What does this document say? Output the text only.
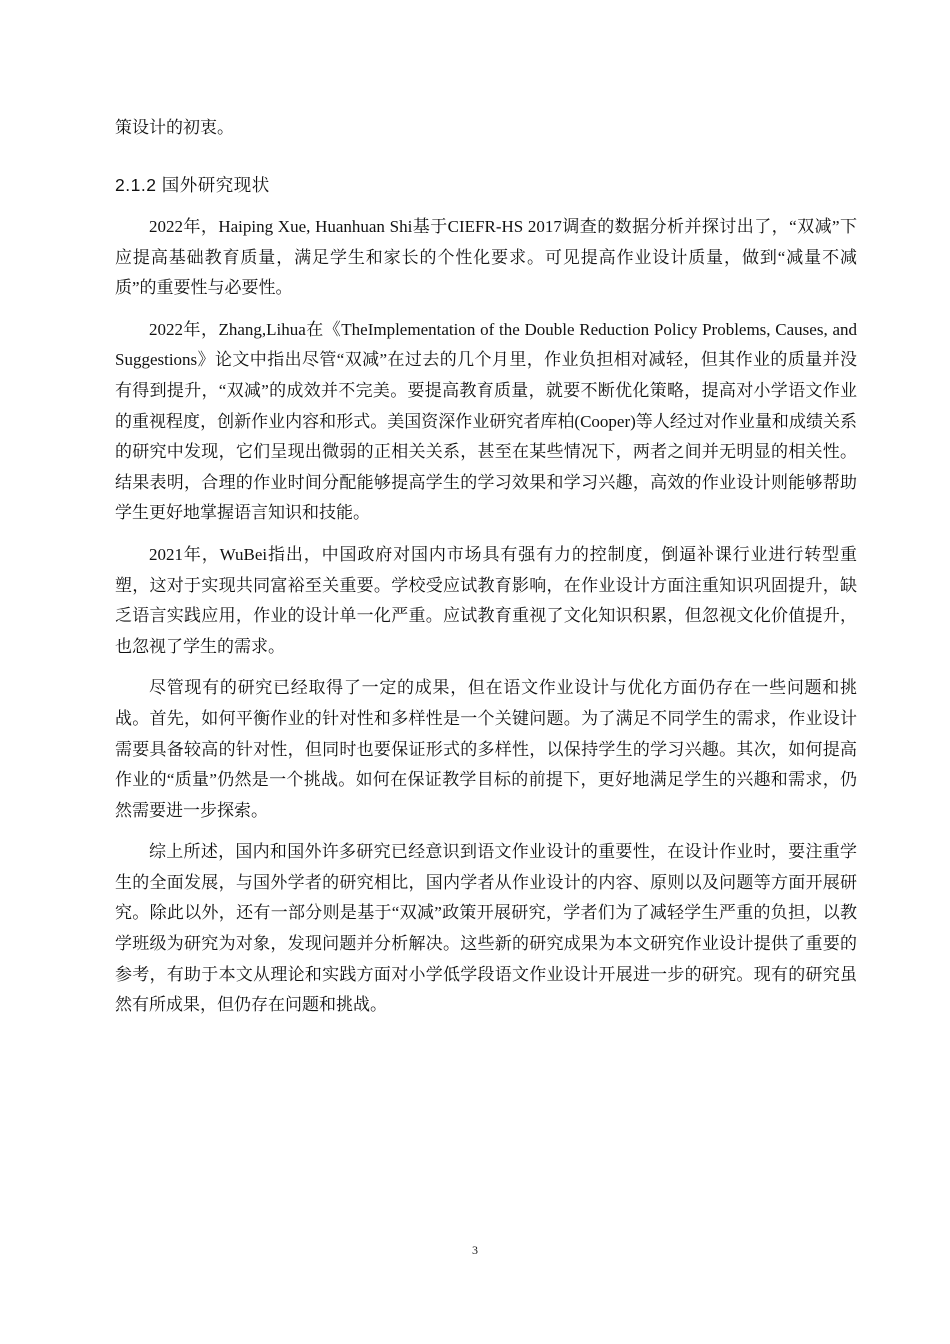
策设计的初衷。
2.1.2 国外研究现状

2022年，Haiping Xue, Huanhuan Shi基于CIEFR-HS 2017调查的数据分析并探讨出了，“双减”下应提高基础教育质量，满足学生和家长的个性化要求。可见提高作业设计质量，做到“减量不减质”的重要性与必要性。

2022年，Zhang,Lihua在《TheImplementation of the Double Reduction Policy Problems, Causes, and Suggestions》论文中指出尽管“双减”在过去的几个月里，作业负担相对减轻，但其作业的质量并没有得到提升，“双减”的成效并不完美。要提高教育质量，就要不断优化策略，提高对小学语文作业的重视程度，创新作业内容和形式。美国资深作业研究者库柏(Cooper)等人经过对作业量和成绩关系的研究中发现，它们呈现出微弱的正相关关系，甚至在某些情况下，两者之间并无明显的相关性。结果表明，合理的作业时间分配能够提高学生的学习效果和学习兴趣，高效的作业设计则能够帮助学生更好地掌握语言知识和技能。

2021年，WuBei指出，中国政府对国内市场具有强有力的控制度，倒逼补课行业进行转型重塑，这对于实现共同富裕至关重要。学校受应试教育影响，在作业设计方面注重知识巩固提升，缺乏语言实践应用，作业的设计单一化严重。应试教育重视了文化知识积累，但忽视文化价值提升，也忽视了学生的需求。

尽管现有的研究已经取得了一定的成果，但在语文作业设计与优化方面仍存在一些问题和挑战。首先，如何平衡作业的针对性和多样性是一个关键问题。为了满足不同学生的需求，作业设计需要具备较高的针对性，但同时也要保证形式的多样性，以保持学生的学习兴趣。其次，如何提高作业的“质量”仍然是一个挑战。如何在保证教学目标的前提下，更好地满足学生的兴趣和需求，仍然需要进一步探索。

综上所述，国内和国外许多研究已经意识到语文作业设计的重要性，在设计作业时，要注重学生的全面发展，与国外学者的研究相比，国内学者从作业设计的内容、原则以及问题等方面开展研究。除此以外，还有一部分则是基于“双减”政策开展研究，学者们为了减轻学生严重的负担，以教学班级为研究为对象，发现问题并分析解决。这些新的研究成果为本文研究作业设计提供了重要的参考，有助于本文从理论和实践方面对小学低学段语文作业设计开展进一步的研究。现有的研究虽然有所成果，但仍存在问题和挑战。

3
